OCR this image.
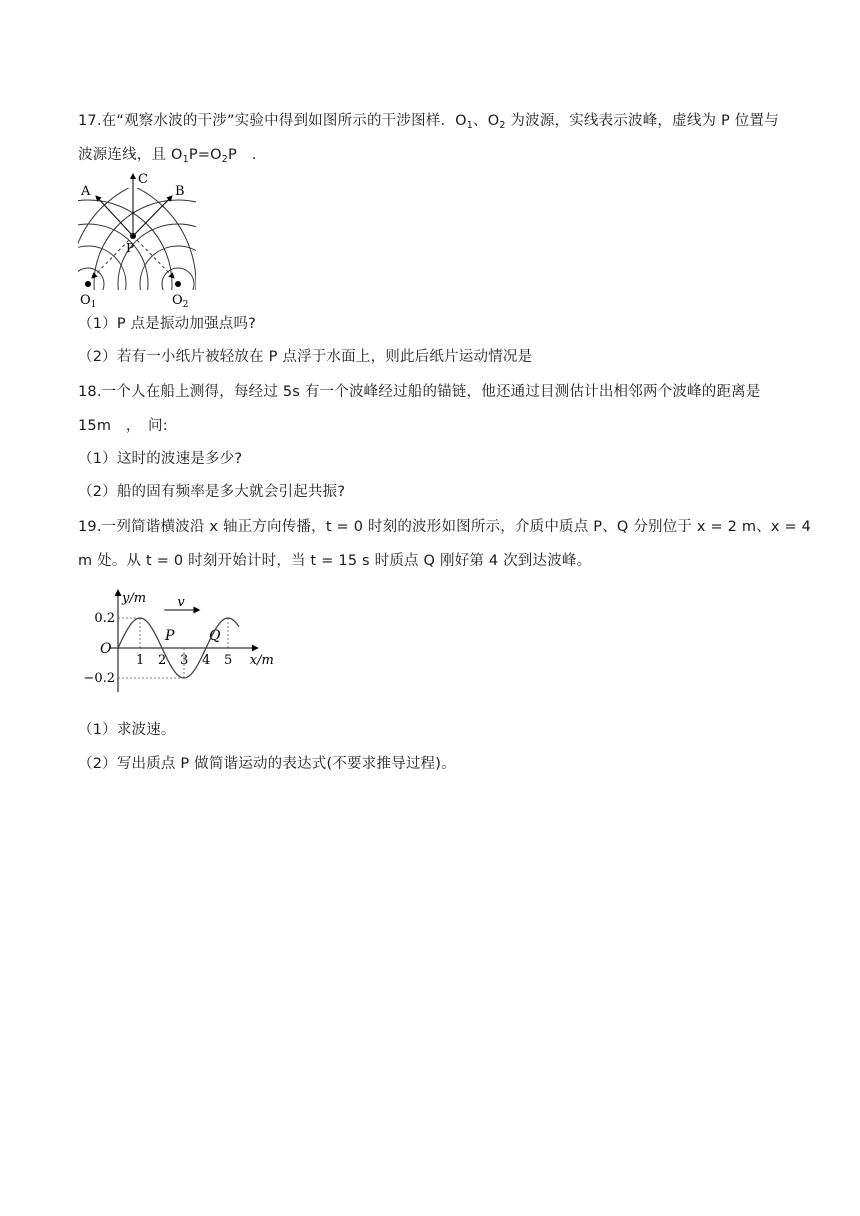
17.在“观察水波的干涉”实验中得到如图所示的干涉图样．$O_1$、$O_2$ 为波源，实线表示波峰，虚线为 P 位置与
波源连线，且 $O_1P=O_2P$　.
A	B
C
P
$O_1$	$O_2$
（1）P 点是振动加强点吗?
（2）若有一小纸片被轻放在 P 点浮于水面上，则此后纸片运动情况是
18.一个人在船上测得，每经过 5s 有一个波峰经过船的锚链，他还通过目测估计出相邻两个波峰的距离是
15m　，　问:
（1）这时的波速是多少?
（2）船的固有频率是多大就会引起共振?
19.一列简谐横波沿 x 轴正方向传播，t = 0 时刻的波形如图所示，介质中质点 P、Q 分别位于 x = 2 m、x = 4
m 处。从 t = 0 时刻开始计时，当 t = 15 s 时质点 Q 刚好第 4 次到达波峰。
y/m
x/m
O
0.2
−0.2
1 2 3 4 5
P Q
v
（1）求波速。
（2）写出质点 P 做简谐运动的表达式(不要求推导过程)。
